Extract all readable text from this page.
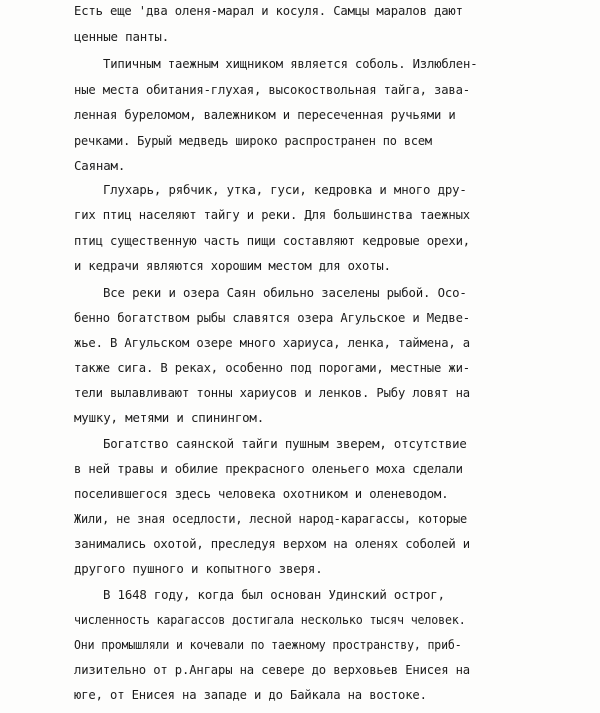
Есть еще 'два оленя-марал и косуля. Самцы маралов дают
ценные панты.
Типичным таежным хищником является соболь. Излюблен-
ные места обитания-глухая, высокоствольная тайга, зава-
ленная буреломом, валежником и пересеченная ручьями и
речками. Бурый медведь широко распространен по всем
Саянам.
Глухарь, рябчик, утка, гуси, кедровка и много дру-
гих птиц населяют тайгу и реки. Для большинства таежных
птиц существенную часть пищи составляют кедровые орехи,
и кедрачи являются хорошим местом для охоты.
Все реки и озера Саян обильно заселены рыбой. Осо-
бенно богатством рыбы славятся озера Агульское и Медве-
жье. В Агульском озере много хариуса, ленка, таймена, а
также сига. В реках, особенно под порогами, местные жи-
тели вылавливают тонны хариусов и ленков. Рыбу ловят на
мушку, метями и спинингом.
Богатство саянской тайги пушным зверем, отсутствие
в ней травы и обилие прекрасного оленьего моха сделали
поселившегося здесь человека охотником и оленеводом.
Жили, не зная оседлости, лесной народ-карагассы, которые
занимались охотой, преследуя верхом на оленях соболей и
другого пушного и копытного зверя.
В 1648 году, когда был основан Удинский острог,
численность карагассов достигала несколько тысяч человек.
Они промышляли и кочевали по таежному пространству, приб-
лизительно от р.Ангары на севере до верховьев Енисея на
юге, от Енисея на западе и до Байкала на востоке.
